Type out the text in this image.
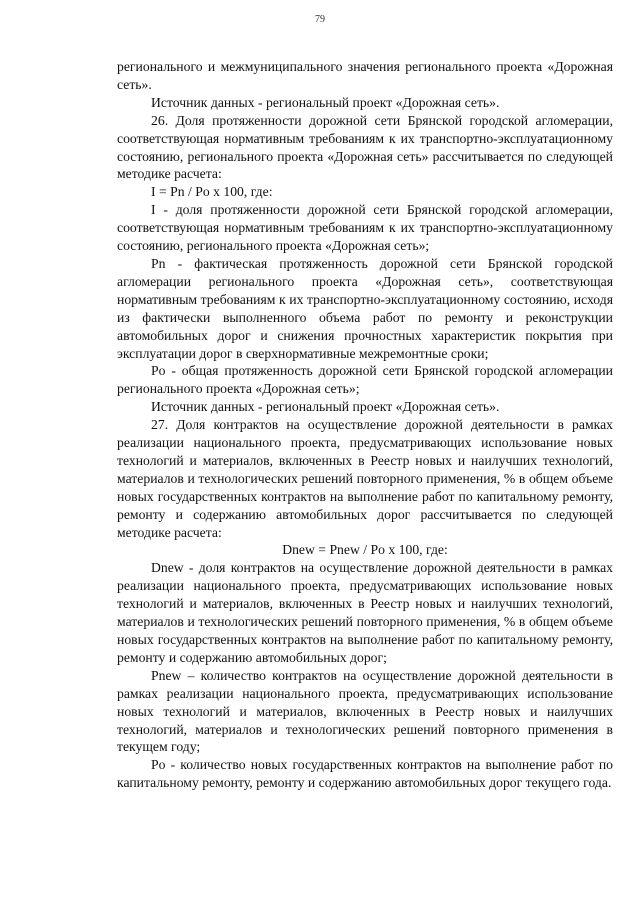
79

регионального и межмуниципального значения регионального проекта «Дорожная сеть».

Источник данных - региональный проект «Дорожная сеть».

26. Доля протяженности дорожной сети Брянской городской агломерации, соответствующая нормативным требованиям к их транспортно-эксплуатационному состоянию, регионального проекта «Дорожная сеть» рассчитывается по следующей методике расчета:

I = Pn / Po x 100, где:

I - доля протяженности дорожной сети Брянской городской агломерации, соответствующая нормативным требованиям к их транспортно-эксплуатационному состоянию, регионального проекта «Дорожная сеть»;

Pn - фактическая протяженность дорожной сети Брянской городской агломерации регионального проекта «Дорожная сеть», соответствующая нормативным требованиям к их транспортно-эксплуатационному состоянию, исходя из фактически выполненного объема работ по ремонту и реконструкции автомобильных дорог и снижения прочностных характеристик покрытия при эксплуатации дорог в сверхнормативные межремонтные сроки;

Po - общая протяженность дорожной сети Брянской городской агломерации регионального проекта «Дорожная сеть»;

Источник данных - региональный проект «Дорожная сеть».

27. Доля контрактов на осуществление дорожной деятельности в рамках реализации национального проекта, предусматривающих использование новых технологий и материалов, включенных в Реестр новых и наилучших технологий, материалов и технологических решений повторного применения, % в общем объеме новых государственных контрактов на выполнение работ по капитальному ремонту, ремонту и содержанию автомобильных дорог рассчитывается по следующей методике расчета:

Dnew = Pnew / Po x 100, где:

Dnew - доля контрактов на осуществление дорожной деятельности в рамках реализации национального проекта, предусматривающих использование новых технологий и материалов, включенных в Реестр новых и наилучших технологий, материалов и технологических решений повторного применения, % в общем объеме новых государственных контрактов на выполнение работ по капитальному ремонту, ремонту и содержанию автомобильных дорог;

Pnew – количество контрактов на осуществление дорожной деятельности в рамках реализации национального проекта, предусматривающих использование новых технологий и материалов, включенных в Реестр новых и наилучших технологий, материалов и технологических решений повторного применения в текущем году;

Po - количество новых государственных контрактов на выполнение работ по капитальному ремонту, ремонту и содержанию автомобильных дорог текущего года.
